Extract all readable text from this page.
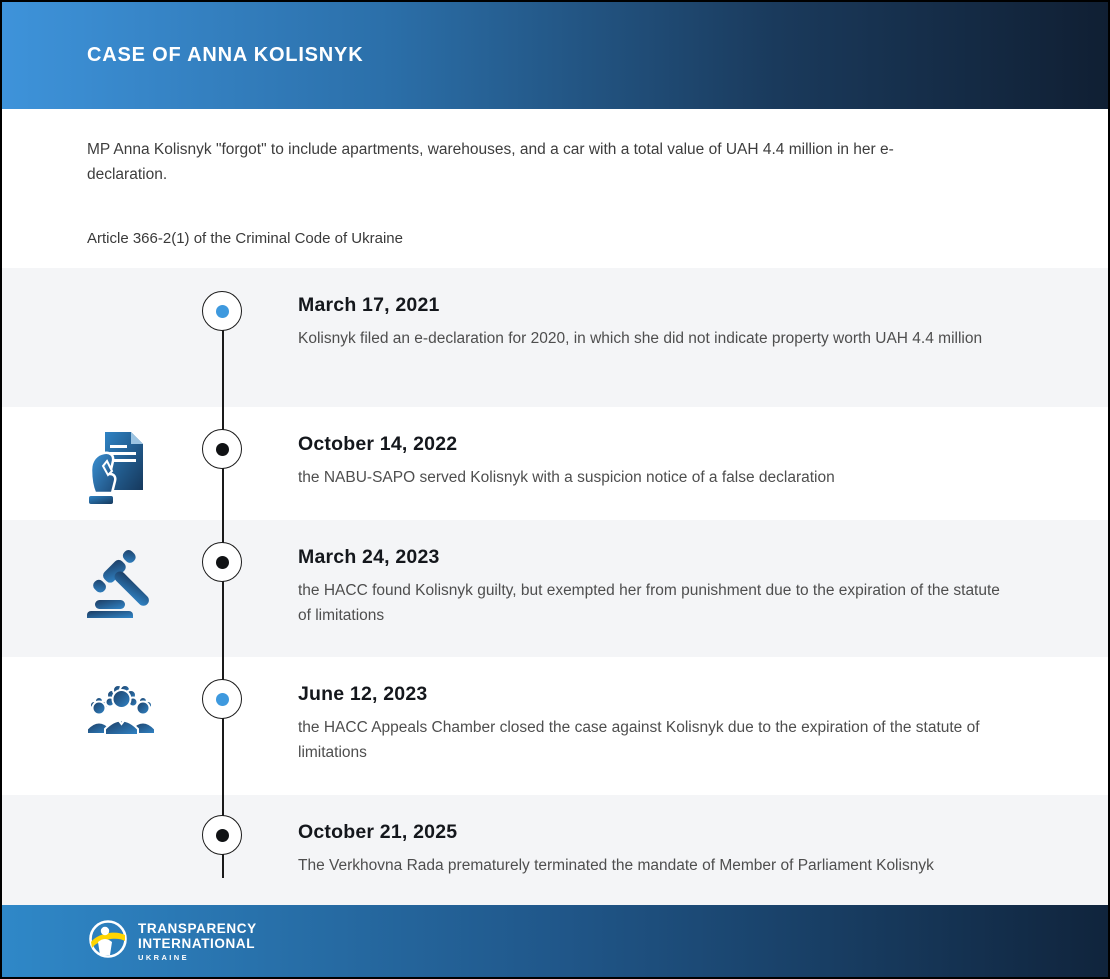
CASE OF ANNA KOLISNYK

MP Anna Kolisnyk "forgot" to include apartments, warehouses, and a car with a total value of UAH 4.4 million in her e-declaration.

Article 366-2(1) of the Criminal Code of Ukraine

March 17, 2021
Kolisnyk filed an e-declaration for 2020, in which she did not indicate property worth UAH 4.4 million
October 14, 2022
the NABU-SAPO served Kolisnyk with a suspicion notice of a false declaration
March 24, 2023
the HACC found Kolisnyk guilty, but exempted her from punishment due to the expiration of the statute of limitations
June 12, 2023
the HACC Appeals Chamber closed the case against Kolisnyk due to the expiration of the statute of limitations
October 21, 2025
The Verkhovna Rada prematurely terminated the mandate of Member of Parliament Kolisnyk
TRANSPARENCY
INTERNATIONAL
UKRAINE
